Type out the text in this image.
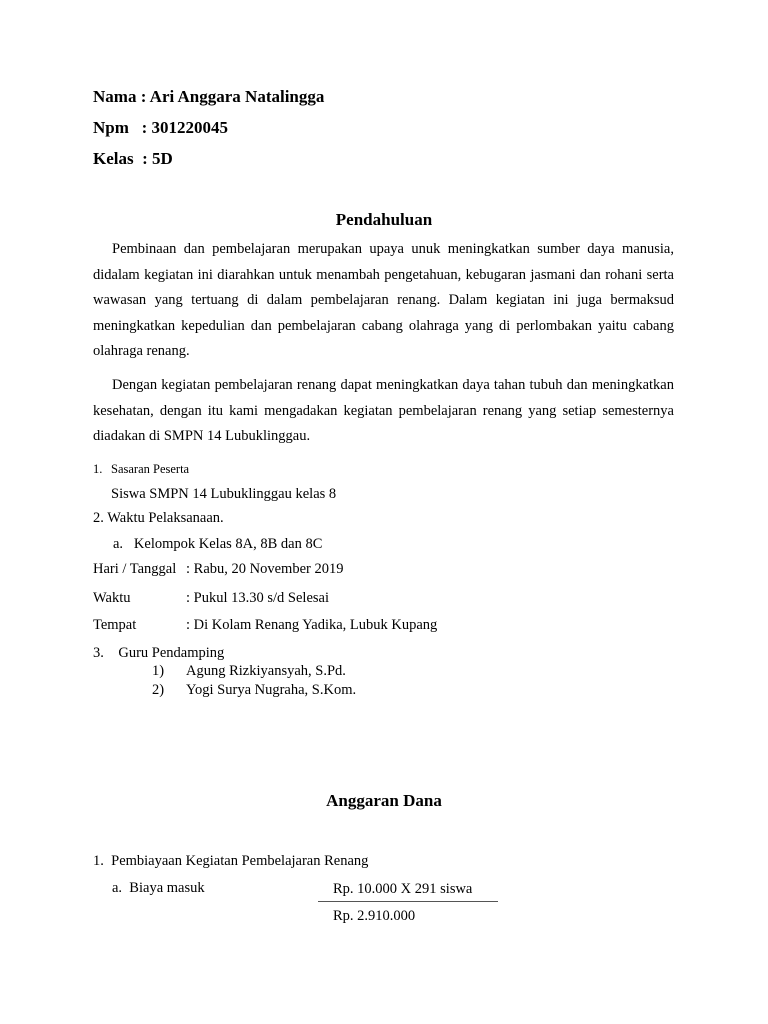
Nama : Ari Anggara Natalingga
Npm   : 301220045
Kelas  : 5D
Pendahuluan
Pembinaan dan pembelajaran merupakan upaya unuk meningkatkan sumber daya manusia, didalam kegiatan ini diarahkan untuk menambah pengetahuan, kebugaran jasmani dan rohani serta wawasan yang tertuang di dalam pembelajaran renang. Dalam kegiatan ini juga bermaksud meningkatkan kepedulian dan pembelajaran cabang olahraga yang di perlombakan yaitu cabang olahraga renang.
Dengan kegiatan pembelajaran renang dapat meningkatkan daya tahan tubuh dan meningkatkan kesehatan, dengan itu kami mengadakan kegiatan pembelajaran renang yang setiap semesternya diadakan di SMPN 14 Lubuklinggau.
1. Sasaran Peserta
Siswa SMPN 14 Lubuklinggau kelas 8
2. Waktu Pelaksanaan.
a.   Kelompok Kelas 8A, 8B dan 8C
Hari / Tanggal : Rabu, 20 November 2019
Waktu	: Pukul 13.30 s/d Selesai
Tempat	: Di Kolam Renang Yadika, Lubuk Kupang
3.    Guru Pendamping
1) Agung Rizkiyansyah, S.Pd.
2) Yogi Surya Nugraha, S.Kom.
Anggaran Dana
1.  Pembiayaan Kegiatan Pembelajaran Renang
a.  Biaya masuk	Rp. 10.000 X 291 siswa
Rp. 2.910.000
